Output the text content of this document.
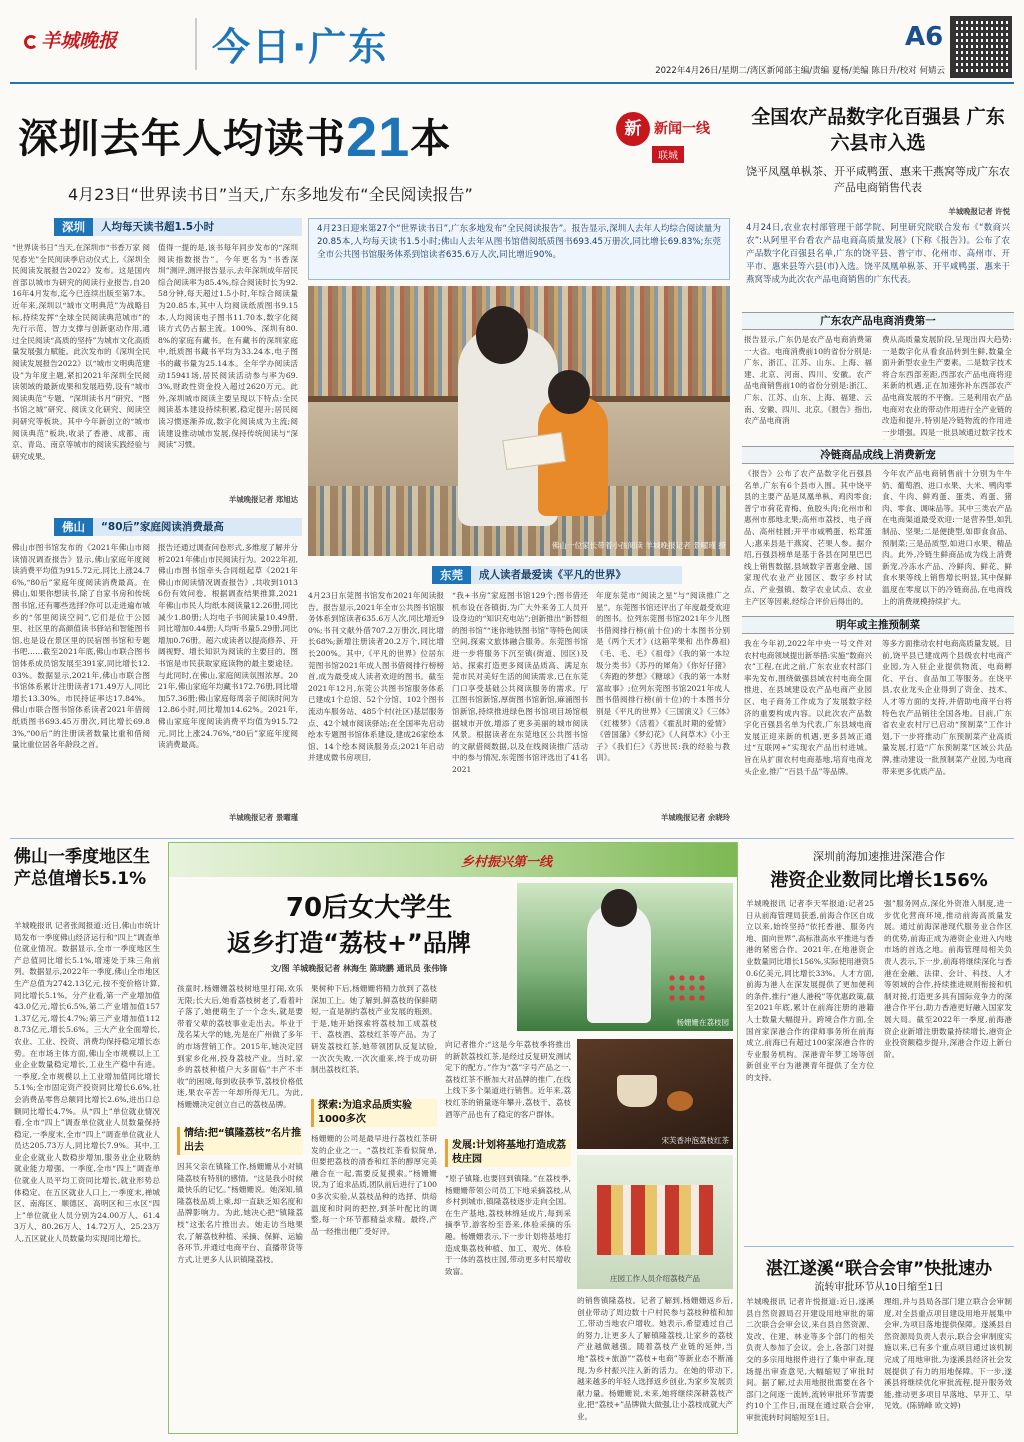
羊城晚报 今日·广东	A6
2022年4月26日/星期二/湾区新闻部主编/责编 夏杨/美编 陈日升/校对 何婧云
深圳去年人均读书21本	新 新闻一线
联城
4月23日“世界读书日”当天,广东多地发布“全民阅读报告”
4月23日迎来第27个“世界读书日”,广东多地发布“全民阅读报告”。报告显示,深圳人去年人均综合阅读量为20.85本,人均每天读书1.5小时;佛山人去年从图书馆借阅纸质图书693.45万册次,同比增长69.83%;东莞全市公共图书馆服务体系到馆读者635.6万人次,同比增近90%。
佛山一位家长带着小孩阅读 羊城晚报记者 景曜瑾 摄
深圳	人均每天读书超1.5小时
“世界读书日”当天,在深圳市“书香万家 阅见春光”全民阅读季启动仪式上,《深圳全民阅读发展报告2022》发布。这是国内首部以城市为研究的阅读行业报告,自2016年4月发布,迄今已连续出版至第7本。近年来,深圳以“城市文明典范”为战略目标,持续发挥“全球全民阅读典范城市”的先行示范、智力支撑与创新驱动作用,通过全民阅读“高质的坚持”为城市文化高质量发展强力赋能。此次发布的《深圳全民阅读发展报告2022》以“城市文明典范建设”为年度主题,紧扣2021年深圳全民阅读领域的最新成果和发展趋势,设有“城市阅读典范”专题、“深圳读书月”研究、“图书馆之城”研究、阅读文化研究、阅读空间研究等板块。其中今年新创立的“城市阅读典范”板块,收录了香港、成都、南京、青岛、南京等城市的阅读实践经验与研究成果。
值得一提的是,该书每年同步发布的“深圳阅读指数报告”。今年更名为“书香深圳”测评,测评报告显示,去年深圳成年居民综合阅读率为85.4%,综合阅读时长为92.58分钟,每天超过1.5小时,年综合阅读量为20.85本,其中人均阅读纸质图书9.15本,人均阅读电子图书11.70本,数字化阅读方式仍占据主流。100%、深圳有80.8%的家庭有藏书。在有藏书的深圳家庭中,纸质图书藏书平均为33.24本,电子图书的藏书量为25.14本。全年学办阅读活动15941场,居民阅读活动参与率为69.3%,财政性资金投入超过2620万元。此外,深圳城市阅读主要呈现以下特点:全民阅读基本建设持续积累,稳定提升;居民阅读习惯逐渐养成,数字化阅读成为主流;阅读建设推动城市发展,保持传统阅读与“深阅读”习惯。
羊城晚报记者 郑旭达
佛山	“80后”家庭阅读消费最高
佛山市图书馆发布的《2021年佛山市阅读情况调查报告》显示,佛山家庭年度阅读消费平均值为915.72元,同比上涨24.76%,“80后”家庭年度阅读消费最高。在佛山,如果你想读书,除了自家书房和传统图书馆,还有哪些选择?你可以走进遍布城乡的“邻里阅读空间”,它们是位于公园里、社区里的高颜值读书驿站和智能图书馆,也是设在景区里的民宿图书馆和专题书吧……截至2021年底,佛山市联合图书馆体系成员馆发展至391家,同比增长12.03%。数据显示,2021年,佛山市联合图书馆体系累计注册读者171.49万人,同比增长13.30%。市民持证率达17.84%。佛山市联合图书馆体系读者2021年借阅纸质图书693.45万册次,同比增长69.83%,“00后”的注册读者数量比重和借阅量比重位居各年龄段之首。
报告还通过调查问卷形式,多维度了解并分析2021年佛山市民阅读行为。2022年初,佛山市图书馆牵头合同组起草《2021年佛山市阅读情况调查报告》,共收到10136份有效问卷。根据调查结果推算,2021年佛山市民人均纸本阅读量12.26册,同比减少1.80册;人均电子书阅读量10.49册,同比增加0.44册;人均听书量5.29册,同比增加0.76册。超六成读者以提高修养、开阔视野、增长知识为阅读的主要目的。图书馆是市民获取家庭读物的最主要途径。与此同时,在佛山,家庭阅读氛围浓厚。2021年,佛山家庭年均藏书172.76册,同比增加57.36册;佛山家庭每周亲子阅读时间为12.86小时,同比增加14.62%。2021年,佛山家庭年度阅读消费平均值为915.72元,同比上涨24.76%,“80后”家庭年度阅读消费最高。
羊城晚报记者 景曜瑾
东莞	成人读者最爱读《平凡的世界》
4月23日东莞图书馆发布2021年阅读报告。报告显示,2021年全市公共图书馆服务体系到馆读者635.6万人次,同比增近90%;书刊文献外借707.2万册次,同比增长68%;新增注册读者20.2万个,同比增长200%。其中,《平凡的世界》位居东莞图书馆2021年成人图书借阅排行榜榜首,成为最受成人读者欢迎的图书。截至2021年12月,东莞公共图书馆服务体系已建成1个总馆、52个分馆、102个图书流动车服务站、485个村(社区)基层服务点、42个城市阅读驿站;在全国率先启动绘本专题图书馆体系建设,建成26家绘本馆、14个绘本阅读服务点;2021年启动并建成微书房项目,
“我+书房”家庭图书馆129个;图书借还机布设在各镇街,为广大外来务工人员开设身边的“知识充电站”;创新推出“新替组的图书馆”“迷你地铁图书馆”等特色阅读空间,探索文旅体融合服务。东莞图书馆进一步将服务下沉至镇(街道、园区)及站、探索打造更多阅读品质高、满足东莞市民对美好生活的阅读需求,已在东莞门口享受基础公共阅读服务的需求。厅江图书馆新馆,厚街图书馆新馆,麻涌图书馆新馆,持续推进绿色图书馆项目场馆根据城市开放,增添了更多美丽的城市阅读风景。根据读者在东莞地区公共图书馆的文献借阅数据,以及在线阅读推广活动中的参与情况,东莞图书馆评选出了41名2021
年度东莞市“阅读之星”与“阅读推广之星”。东莞图书馆还评出了年度最受欢迎的图书。位列东莞图书馆2021年少儿图书借阅排行榜(前十位)的十本图书分别是《两个天才》(这箱苹果和 出作鼻祖)《毛、毛、毛》《祖母》《我的第一本垃圾分类书》《苏丹的犀角》《你好仔猪》《奔跑的梦想》《糖球》《我的第一本财富故事》;位列东莞图书馆2021年成人图书借阅排行榜(前十位)的十本图书分别是《平凡的世界》《三国演义》《三体》《红楼梦》《活着》《霍乱时期的爱情》《曾国藩》《梦幻花》《人间草木》《小王子》《我们仨》《苏世民:我的经验与教训》。
羊城晚报记者 余晓玲
全国农产品数字化百强县 广东六县市入选
饶平凤凰单枞茶、开平咸鸭蛋、惠来干燕窝等成广东农产品电商销售代表
羊城晚报记者 许悦
4月24日,农业农村部管理干部学院、阿里研究院联合发布《“数商兴农”:从阿里平台看农产品电商高质量发展》(下称《报告》)。公布了农产品数字化百强县名单,广东的饶平县、普宁市、化州市、高州市、开平市、惠来县等六县(市)入选。饶平凤凰单枞茶、开平咸鸭蛋、惠来干燕窝等成为此次农产品电商销售的广东代表。
广东农产品电商消费第一
报告显示,广东仍是农产品电商消费第一大省。电商消费前10的省份分别是:广东、浙江、江苏、山东、上海、福建、北京、河南、四川、安徽。农产品电商销售前10的省份分别是:浙江、广东、江苏、山东、上海、福建、云南、安徽、四川、北京。《报告》指出,农产品电商消
费从高质量发展阶段,呈现出四大趋势:一是数字化从看食品转到生鲜,数量全面升新型农业生产要素。二是数字技术将合东西部差距,西部农产品电商将迎来新的机遇,正在加速弥补东西部农产品电商发展的不平衡。三是利用农产品电商对农业的带动作用进行全产业链的改造和提升,特别是冷链物流的作用进一步增强。四是一批县域通过数字技术
冷链商品成线上消费新宠
《报告》公布了农产品数字化百强县名单,广东有6个县市入围。其中饶平县的主要产品是凤凰单枞、鸡肉零食;普宁市荷花青梅、鱼胶头肉;化州市和惠州市那地北果;高州市荔枝、电子商品、高州桂圆;开平市咸鸭蛋、松茸蛋人;惠来县是干燕窝、芒果人参。据介绍,百强县榜单是基于各县在阿里巴巴线上销售数据,县域数字普惠金融、国家现代农业产业园区、数字乡村试点、产业强镇、数字农业试点、农业主产区等因素,经综合评价后得出的。
今年农产品电商销售前十分别为牛牛奶、葡萄酒、进口水果、大米、鸭肉零食、牛肉、鲜鸡蛋、蛋类、鸡蛋、猪肉、零食、调味品等。其中三类农产品在电商渠道最受欢迎:一是营养型,如乳制品、坚果;二是便捷型,如即食食品、预制菜;三是品质型,如进口水果、精品肉。此外,冷链生鲜商品成为线上消费新宠,冷冻水产品、冷鲜肉、鲜花、鲜食水果等线上销售增长明显,其中保鲜温度在零度以下的冷链商品,在电商线上的消费规模持续扩大。
明年或主推预制菜
我在今年初,2022年中央一号文件对农村电商领域提出新举措:实施“数商兴农”工程,在此之前,广东农业农村部门率先发布,围绕做强县域农村电商全面推进、在县域建设农产品电商产业园区、电子商务工作成为了发展数字经济的重要构成内容。以此次农产品数字化百强县名单为代表,广东县域电商发展正迎来新的机遇,更多县域正通过“互联网+”实现农产品出村进城。旨在从扩面农村电商基地,培育电商龙头企业,推广“百县千品”等品牌。
等多方面推动农村电商高质量发展。目前,饶平县已建成两个县级农村电商产业园,为入驻企业提供物流、电商孵化、平台、食品加工等服务。在饶平县,农业龙头企业得到了资金、技术、人才等方面的支持,并借助电商平台将特色农产品销往全国各地。目前,广东省农业农村厅已启动“预制菜”工作计划,下一步将推动广东预制菜产业高质量发展,打造“广东预制菜”区域公共品牌,推动建设一批预制菜产业园,为电商带来更多优质产品。
佛山一季度地区生产总值增长5.1%
羊城晚报讯 记者张闻报道:近日,佛山市统计局发布一季度佛山经济运行和“四上”调查单位就业情况。数据显示,全市一季度地区生产总值同比增长5.1%,增速处于珠三角前列。数据显示,2022年一季度,佛山全市地区生产总值为2742.13亿元,按不变价格计算,同比增长5.1%。分产业看,第一产业增加值43.0亿元,增长6.5%,第二产业增加值1571.37亿元,增长4.7%;第三产业增加值1128.73亿元,增长5.6%。三大产业全面增长,农业、工业、投资、消费均保持稳定增长态势。在市场主体方面,佛山全市规模以上工业企业数量稳定增长,工业生产稳中有进。一季度,全市规模以上工业增加值同比增长5.1%;全市固定资产投资同比增长6.6%,社会消费品零售总额同比增长2.6%,进出口总额同比增长4.7%。从“四上”单位就业情况看,全市“四上”调查单位就业人员数量保持稳定,一季度末,全市“四上”调查单位就业人员达205.73万人,同比增长7.9%。其中,工业企业就业人数稳步增加,服务业企业吸纳就业能力增强。一季度,全市“四上”调查单位就业人员平均工资同比增长,就业形势总体稳定。在五区就业人口上,一季度末,禅城区、南海区、顺德区、高明区和三水区“四上”单位就业人员分别为24.00万人、61.43万人、80.26万人、14.72万人、25.23万人,五区就业人员数量均实现同比增长。
乡村振兴第一线
70后女大学生
返乡打造“荔枝+”品牌
文/图 羊城晚报记者 林海生 陈晓鹏 通讯员 张伟锋
杨姗姗在荔枝园
孩童时,杨姗姗荔枝树地里打闹,欢乐无限;长大后,她看荔枝树老了,看着叶子落了,她便萌生了一个念头,就是要带着父辈的荔枝事业走出去。毕业于茂名某大学的她,先是在广州做了多年的市场营销工作。2015年,她决定回到家乡化州,投身荔枝产业。当时,家乡的荔枝种植户大多面临“丰产不丰收”的困境,每到收获季节,荔枝价格低迷,果农辛苦一年却所得无几。为此,杨姗姗决定创立自己的荔枝品牌。
情结:把“镇隆荔枝”名片推出去
因其父亲在镇隆工作,杨姗姗从小对镇隆荔枝有特别的感情。“这是我小时候最快乐的记忆。”杨姗姗说。她深知,镇隆荔枝品质上乘,却一直缺乏知名度和品牌影响力。为此,她决心把“镇隆荔枝”这张名片推出去。她走访当地果农,了解荔枝种植、采摘、保鲜、运输各环节,并通过电商平台、直播带货等方式,让更多人认识镇隆荔枝。
果树种下后,杨姗姗将精力放到了荔枝深加工上。她了解到,鲜荔枝的保鲜期短,一直是制约荔枝产业发展的瓶颈。于是,她开始探索将荔枝加工成荔枝干、荔枝酒、荔枝红茶等产品。为了研发荔枝红茶,她带领团队反复试验,一次次失败,一次次重来,终于成功研制出荔枝红茶。
探索:为追求品质实验1000多次
杨姗姗的公司是最早进行荔枝红茶研发的企业之一。“荔枝红茶看似简单,但要把荔枝的清香和红茶的醇厚完美融合在一起,需要反复摸索。”杨姗姗说,为了追求品质,团队前后进行了1000多次实验,从荔枝品种的选择、烘焙温度和时间的把控,到茶叶配比的调整,每一个环节都精益求精。最终,产品一经推出便广受好评。
向记者推介:“这是今年荔枝季将推出的新款荔枝红茶,是经过反复研发测试定下的配方。”作为“荔”字号产品之一,荔枝红茶不断加大对品牌的推广,在线上线下多个渠道进行销售。近年来,荔枝红茶的销量逐年攀升,荔枝干、荔枝酒等产品也有了稳定的客户群体。
发展:计划将基地打造成荔枝庄园
“原子镇隆,也要回到镇隆。”在荔枝季,杨姗姗带领公司员工下地采摘荔枝,从乡村到城市,镇隆荔枝逐步走向全国。在生产基地,荔枝林绵延成片,每到采摘季节,游客纷至沓来,体验采摘的乐趣。杨姗姗表示,下一步计划将基地打造成集荔枝种植、加工、观光、体验于一体的荔枝庄园,带动更多村民增收致富。
宋芙香冲泡荔枝红茶
庄园工作人员介绍荔枝产品
的销售镇隆荔枝。记者了解到,杨姗姗返乡后,创业带动了周边数十户村民参与荔枝种植和加工,带动当地农户增收。她表示,希望通过自己的努力,让更多人了解镇隆荔枝,让家乡的荔枝产业越做越强。随着荔枝产业链的延伸,当地“荔枝+旅游”“荔枝+电商”等新业态不断涌现,为乡村振兴注入新的活力。在她的带动下,越来越多的年轻人选择返乡创业,为家乡发展贡献力量。杨姗姗说,未来,她将继续深耕荔枝产业,把“荔枝+”品牌做大做强,让小荔枝成就大产业。
深圳前海加速推进深港合作
港资企业数同比增长156%
羊城晚报讯 记者李天军报道:记者25日从前海管理局获悉,前海合作区自成立以来,始终坚持“依托香港、服务内地、面向世界”,高标准高水平推进与香港的紧密合作。2021年,在地港资企业数量同比增长156%,实际使用港资50.6亿美元,同比增长33%。人才方面,前海为港人在深发展提供了更加便利的条件,推行“港人港税”等优惠政策,截至2021年底,累计在前海注册的港籍人士数量大幅提升。跨境合作方面,全国首家深港合作的律师事务所在前海成立,前海已有超过100家深港合作的专业服务机构。深港青年梦工场等创新创业平台为港澳青年提供了全方位的支持。
强”服务网点,深化外资准入制度,进一步优化营商环境,推动前海高质量发展。通过前海深港现代服务业合作区的优势,前海正成为港资企业进入内地市场的首选之地。前海管理局相关负责人表示,下一步,前海将继续深化与香港在金融、法律、会计、科技、人才等领域的合作,持续推进规则衔接和机制对接,打造更多具有国际竞争力的深港合作平台,助力香港更好融入国家发展大局。截至2022年一季度,前海港资企业新增注册数量持续增长,港资企业投资额稳步提升,深港合作迈上新台阶。
湛江遂溪“联合会审”快批速办
流转审批环节从10日缩至1日
羊城晚报讯 记者许悦报道:近日,遂溪县自然资源局召开建设用地审批的第二次联合会审会议,来自县自然资源、发改、住建、林业等多个部门的相关负责人参加了会议。会上,各部门对提交的多宗用地报件进行了集中审查,现场提出审查意见,大幅缩短了审批时间。据了解,过去用地报批需要在各个部门之间逐一流转,流转审批环节需要约10个工作日,而现在通过联合会审,审批流转时间缩短至1日。
理组,并与县局各部门建立联合会审制度,对全县重点项目建设用地开展集中会审,为项目落地提供保障。遂溪县自然资源局负责人表示,联合会审制度实施以来,已有多个重点项目通过该机制完成了用地审批,为遂溪县经济社会发展提供了有力的用地保障。下一步,遂溪县将继续优化审批流程,提升服务效能,推动更多项目早落地、早开工、早见效。(陈锦峰 欧文婷)
